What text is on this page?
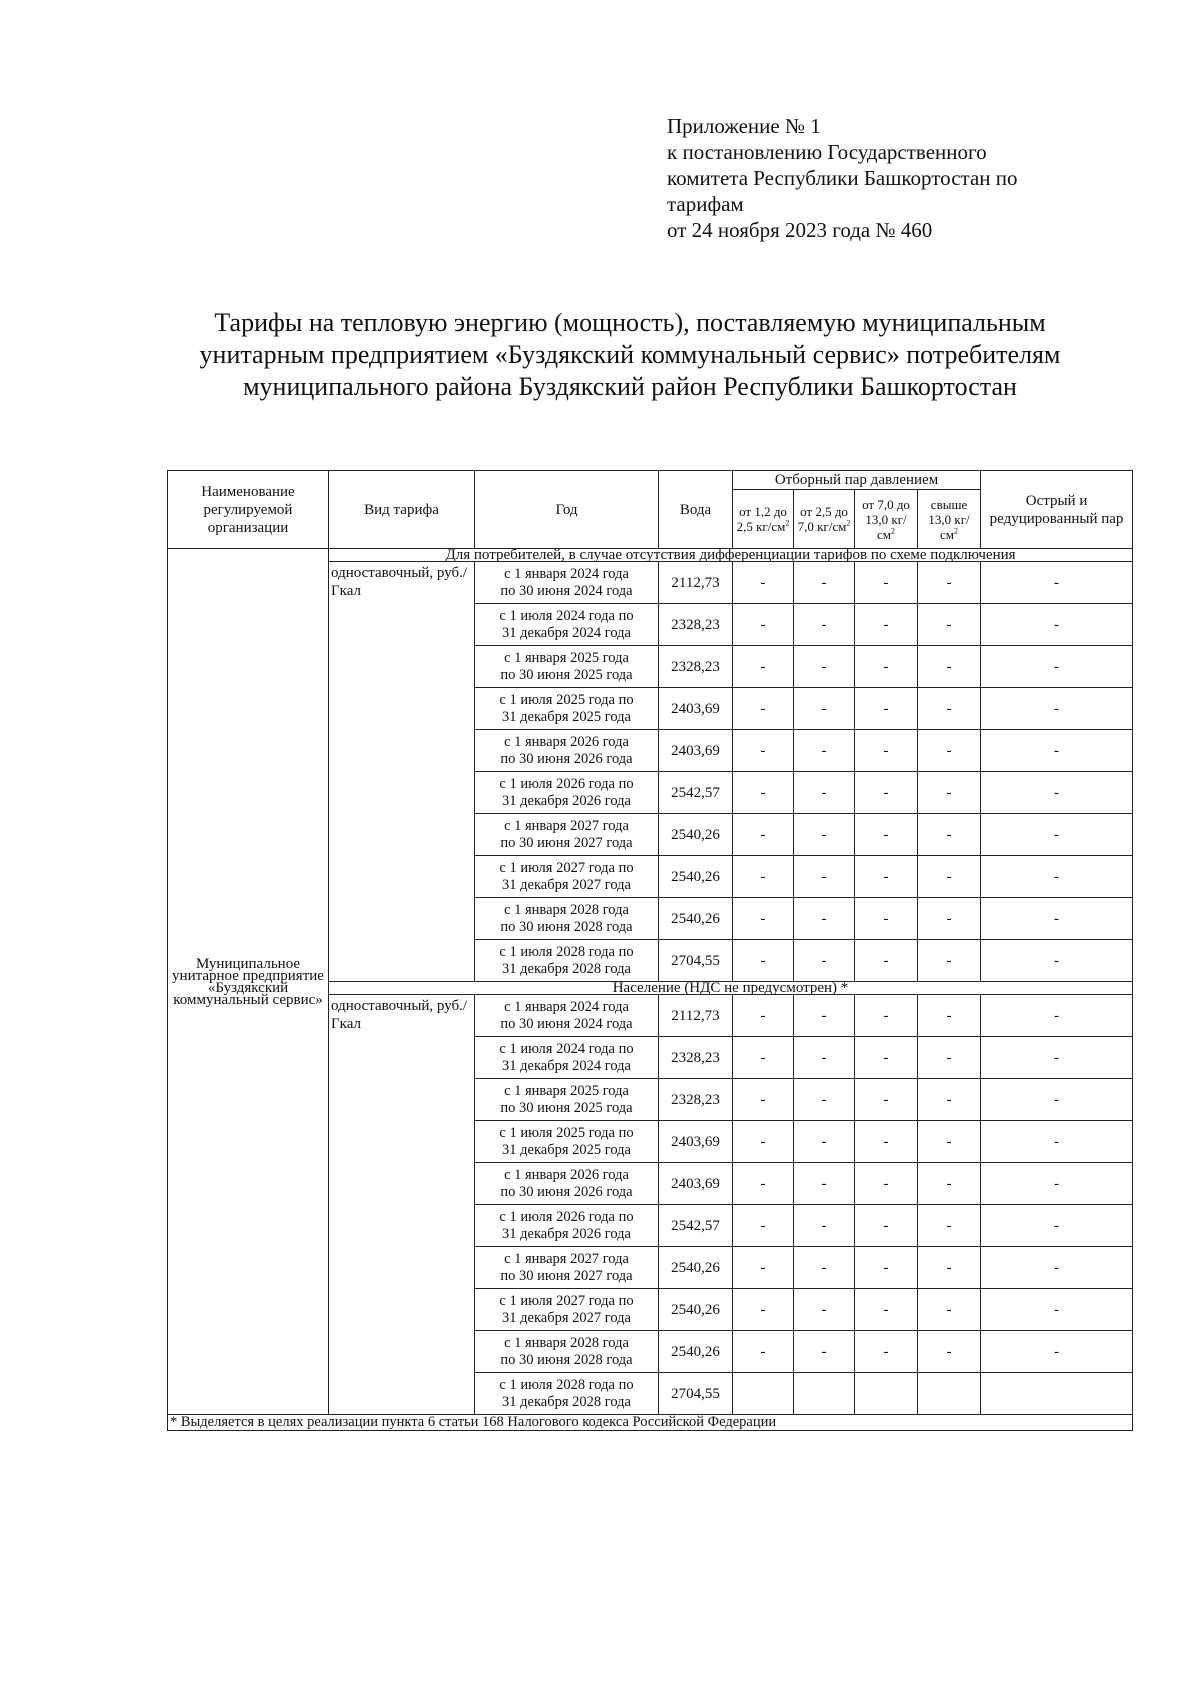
Приложение № 1
к постановлению Государственного
комитета Республики Башкортостан по
тарифам
от 24 ноября 2023 года № 460
Тарифы на тепловую энергию (мощность), поставляемую муниципальным унитарным предприятием «Буздякский коммунальный сервис» потребителям муниципального района Буздякский район Республики Башкортостан
Наименование регулируемой организации	Вид тарифа	Год	Вода	Отборный пар давлением				Острый и редуцированный пар
				от 1,2 до 2,5 $кг/см^2$	от 2,5 до 7,0 $кг/см^2$	от 7,0 до 13,0 $кг/см^2$	свыше 13,0 $кг/см^2$
Муниципальное унитарное предприятие «Буздякский коммунальный сервис»	Для потребителей, в случае отсутствия дифференциации тарифов по схеме подключения							
	одноставочный, руб./Гкал	с 1 января 2024 года
по 30 июня 2024 года	2112,73	-	-	-	-	-

		с 1 июля 2024 года по
31 декабря 2024 года	2328,23	-	-	-	-	-

		с 1 января 2025 года
по 30 июня 2025 года	2328,23	-	-	-	-	-

		с 1 июля 2025 года по
31 декабря 2025 года	2403,69	-	-	-	-	-

		с 1 января 2026 года
по 30 июня 2026 года	2403,69	-	-	-	-	-

		с 1 июля 2026 года по
31 декабря 2026 года	2542,57	-	-	-	-	-

		с 1 января 2027 года
по 30 июня 2027 года	2540,26	-	-	-	-	-

		с 1 июля 2027 года по
31 декабря 2027 года	2540,26	-	-	-	-	-

		с 1 января 2028 года
по 30 июня 2028 года	2540,26	-	-	-	-	-

		с 1 июля 2028 года по
31 декабря 2028 года	2704,55	-	-	-	-	-
	Население (НДС не предусмотрен) *							
	одноставочный, руб./Гкал	с 1 января 2024 года
по 30 июня 2024 года	2112,73	-	-	-	-	-

		с 1 июля 2024 года по
31 декабря 2024 года	2328,23	-	-	-	-	-

		с 1 января 2025 года
по 30 июня 2025 года	2328,23	-	-	-	-	-

		с 1 июля 2025 года по
31 декабря 2025 года	2403,69	-	-	-	-	-

		с 1 января 2026 года
по 30 июня 2026 года	2403,69	-	-	-	-	-

		с 1 июля 2026 года по
31 декабря 2026 года	2542,57	-	-	-	-	-

		с 1 января 2027 года
по 30 июня 2027 года	2540,26	-	-	-	-	-

		с 1 июля 2027 года по
31 декабря 2027 года	2540,26	-	-	-	-	-

		с 1 января 2028 года
по 30 июня 2028 года	2540,26	-	-	-	-	-

		с 1 июля 2028 года по
31 декабря 2028 года	2704,55					
* Выделяется в целях реализации пункта 6 статьи 168 Налогового кодекса Российской Федерации								
